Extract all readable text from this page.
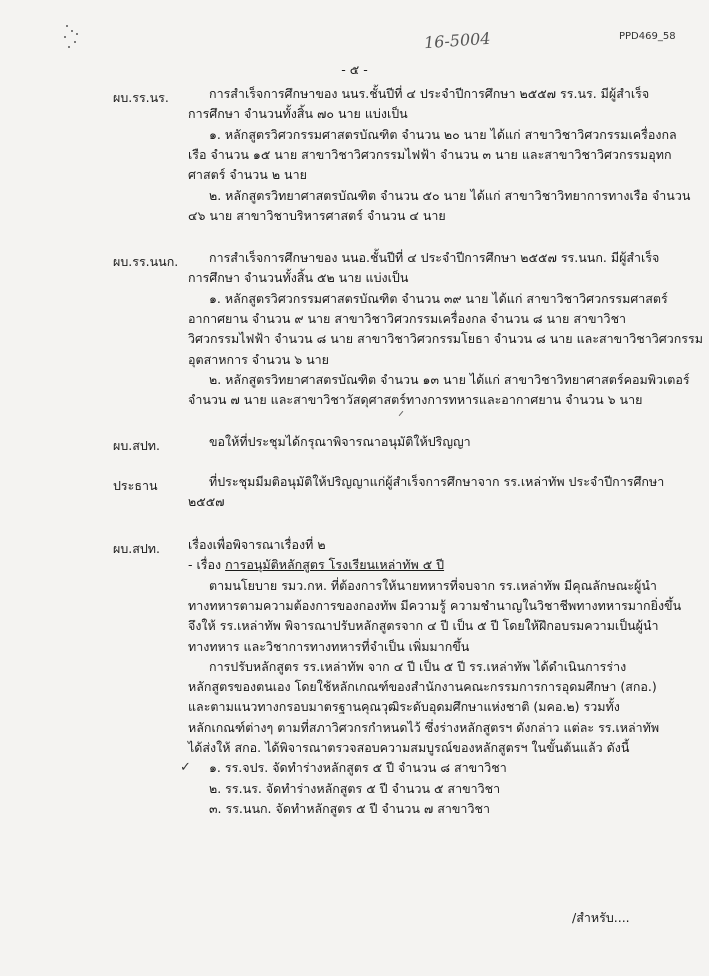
PPD469_58
16-5004
- ๕ -
ผบ.รร.นร.	การสำเร็จการศึกษาของ นนร.ชั้นปีที่ ๔ ประจำปีการศึกษา ๒๕๕๗ รร.นร. มีผู้สำเร็จ
การศึกษา จำนวนทั้งสิ้น ๗๐ นาย แบ่งเป็น
๑. หลักสูตรวิศวกรรมศาสตรบัณฑิต จำนวน ๒๐ นาย ได้แก่ สาขาวิชาวิศวกรรมเครื่องกล
เรือ จำนวน ๑๕ นาย สาขาวิชาวิศวกรรมไฟฟ้า จำนวน ๓ นาย และสาขาวิชาวิศวกรรมอุทก
ศาสตร์ จำนวน ๒ นาย
๒. หลักสูตรวิทยาศาสตรบัณฑิต จำนวน ๕๐ นาย ได้แก่ สาขาวิชาวิทยาการทางเรือ จำนวน
๔๖ นาย สาขาวิชาบริหารศาสตร์ จำนวน ๔ นาย
ผบ.รร.นนก. การสำเร็จการศึกษาของ นนอ.ชั้นปีที่ ๔ ประจำปีการศึกษา ๒๕๕๗ รร.นนก. มีผู้สำเร็จ
การศึกษา จำนวนทั้งสิ้น ๕๒ นาย แบ่งเป็น
๑. หลักสูตรวิศวกรรมศาสตรบัณฑิต จำนวน ๓๙ นาย ได้แก่ สาขาวิชาวิศวกรรมศาสตร์
อากาศยาน จำนวน ๙ นาย สาขาวิชาวิศวกรรมเครื่องกล จำนวน ๘ นาย สาขาวิชา
วิศวกรรมไฟฟ้า จำนวน ๘ นาย สาขาวิชาวิศวกรรมโยธา จำนวน ๘ นาย และสาขาวิชาวิศวกรรม
อุตสาหการ จำนวน ๖ นาย
๒. หลักสูตรวิทยาศาสตรบัณฑิต จำนวน ๑๓ นาย ได้แก่ สาขาวิชาวิทยาศาสตร์คอมพิวเตอร์
จำนวน ๗ นาย และสาขาวิชาวัสดุศาสตร์ทางการทหารและอากาศยาน จำนวน ๖ นาย
ผบ.สปท.	ขอให้ที่ประชุมได้กรุณาพิจารณาอนุมัติให้ปริญญา
ประธาน	ที่ประชุมมีมติอนุมัติให้ปริญญาแก่ผู้สำเร็จการศึกษาจาก รร.เหล่าทัพ ประจำปีการศึกษา
๒๕๕๗
ผบ.สปท. เรื่องเพื่อพิจารณาเรื่องที่ ๒
- เรื่อง การอนุมัติหลักสูตร โรงเรียนเหล่าทัพ ๕ ปี
ตามนโยบาย รมว.กห. ที่ต้องการให้นายทหารที่จบจาก รร.เหล่าทัพ มีคุณลักษณะผู้นำ
ทางทหารตามความต้องการของกองทัพ มีความรู้ ความชำนาญในวิชาชีพทางทหารมากยิ่งขึ้น
จึงให้ รร.เหล่าทัพ พิจารณาปรับหลักสูตรจาก ๔ ปี เป็น ๕ ปี โดยให้ฝึกอบรมความเป็นผู้นำ
ทางทหาร และวิชาการทางทหารที่จำเป็น เพิ่มมากขึ้น
การปรับหลักสูตร รร.เหล่าทัพ จาก ๔ ปี เป็น ๕ ปี รร.เหล่าทัพ ได้ดำเนินการร่าง
หลักสูตรของตนเอง โดยใช้หลักเกณฑ์ของสำนักงานคณะกรรมการการอุดมศึกษา (สกอ.)
และตามแนวทางกรอบมาตรฐานคุณวุฒิระดับอุดมศึกษาแห่งชาติ (มคอ.๒) รวมทั้ง
หลักเกณฑ์ต่างๆ ตามที่สภาวิศวกรกำหนดไว้ ซึ่งร่างหลักสูตรฯ ดังกล่าว แต่ละ รร.เหล่าทัพ
ได้ส่งให้ สกอ. ได้พิจารณาตรวจสอบความสมบูรณ์ของหลักสูตรฯ ในขั้นต้นแล้ว ดังนี้
๑. รร.จปร. จัดทำร่างหลักสูตร ๕ ปี จำนวน ๘ สาขาวิชา
๒. รร.นร. จัดทำร่างหลักสูตร ๕ ปี จำนวน ๕ สาขาวิชา
๓. รร.นนก. จัดทำหลักสูตร ๕ ปี จำนวน ๗ สาขาวิชา
✓
/สำหรับ....
